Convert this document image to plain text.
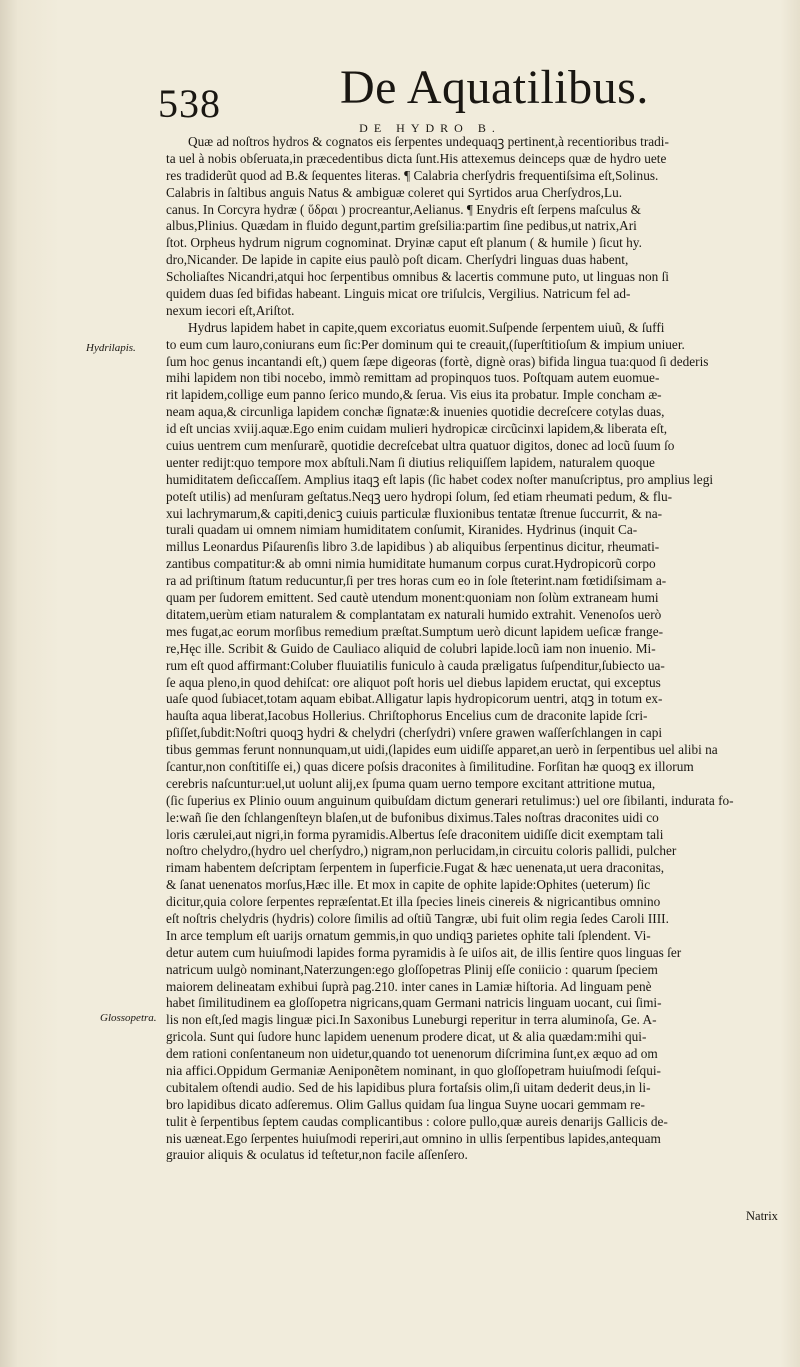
538 De Aquatilibus.
DE HYDRO B.
Hydrilapis.
Glossopetra.
Quæ ad noſtros hydros & cognatos eis ſerpentes undequaqꝫ pertinent,à recentioribus tradi-
ta uel à nobis obſeruata,in præcedentibus dicta ſunt.His attexemus deinceps quæ de hydro uete
res tradiderũt quod ad B.& ſequentes literas. ¶ Calabria cherſydris frequentiſsima eſt,Solinus.
Calabris in ſaltibus anguis Natus & ambiguæ coleret qui Syrtidos arua Cherſydros,Lu.
canus. In Corcyra hydræ ( ὕδραι ) procreantur,Aelianus. ¶ Enydris eſt ſerpens maſculus &
albus,Plinius. Quædam in fluido degunt,partim greſsilia:partim ſine pedibus,ut natrix,Ari
ſtot. Orpheus hydrum nigrum cognominat. Dryinæ caput eſt planum ( & humile ) ſicut hy.
dro,Nicander. De lapide in capite eius paulò poſt dicam. Cherſydri linguas duas habent,
Scholiaſtes Nicandri,atqui hoc ſerpentibus omnibus & lacertis commune puto, ut linguas non ſi
quidem duas ſed bifidas habeant. Linguis micat ore triſulcis, Vergilius. Natricum fel ad-
nexum iecori eſt,Ariſtot.
Hydrus lapidem habet in capite,quem excoriatus euomit.Suſpende ſerpentem uiuũ, & ſuffi
to eum cum lauro,coniurans eum ſic:Per dominum qui te creauit,(ſuperſtitioſum & impium uniuer.
ſum hoc genus incantandi eſt,) quem ſæpe digeoras (fortè, dignè oras) bifida lingua tua:quod ſi dederis
mihi lapidem non tibi nocebo, immò remittam ad propinquos tuos. Poſtquam autem euomue-
rit lapidem,collige eum panno ſerico mundo,& ſerua. Vis eius ita probatur. Imple concham æ-
neam aqua,& circunliga lapidem conchæ ſignatæ:& inuenies quotidie decreſcere cotylas duas,
id eſt uncias xviij.aquæ.Ego enim cuidam mulieri hydropicæ circũcinxi lapidem,& liberata eſt,
cuius uentrem cum menſurarẽ, quotidie decreſcebat ultra quatuor digitos, donec ad locũ ſuum ſo
uenter redijt:quo tempore mox abſtuli.Nam ſi diutius reliquiſſem lapidem, naturalem quoque
humiditatem deſiccaſſem. Amplius itaqꝫ eſt lapis (ſic habet codex noſter manuſcriptus, pro amplius legi
poteſt utilis) ad menſuram geſtatus.Neqꝫ uero hydropi ſolum, ſed etiam rheumati pedum, & flu-
xui lachrymarum,& capiti,denicꝫ cuiuis particulæ fluxionibus tentatæ ſtrenue ſuccurrit, & na-
turali quadam ui omnem nimiam humiditatem conſumit, Kiranides. Hydrinus (inquit Ca-
millus Leonardus Piſaurenſis libro 3.de lapidibus ) ab aliquibus ſerpentinus dicitur, rheumati-
zantibus compatitur:& ab omni nimia humiditate humanum corpus curat.Hydropicorũ corpo
ra ad priſtinum ſtatum reducuntur,ſi per tres horas cum eo in ſole ſteterint.nam fœtidiſsimam a-
quam per ſudorem emittent. Sed cautè utendum monent:quoniam non ſolùm extraneam humi
ditatem,uerùm etiam naturalem & complantatam ex naturali humido extrahit. Venenoſos uerò
mes fugat,ac eorum morſibus remedium præſtat.Sumptum uerò dicunt lapidem ueſicæ frange-
re,Hęc ille. Scribit & Guido de Cauliaco aliquid de colubri lapide.locũ iam non inuenio. Mi-
rum eſt quod affirmant:Coluber fluuiatilis funiculo à cauda præligatus ſuſpenditur,ſubiecto ua-
ſe aqua pleno,in quod dehiſcat: ore aliquot poſt horis uel diebus lapidem eructat, qui exceptus
uaſe quod ſubiacet,totam aquam ebibat.Alligatur lapis hydropicorum uentri, atqꝫ in totum ex-
hauſta aqua liberat,Iacobus Hollerius. Chriſtophorus Encelius cum de draconite lapide ſcri-
pſiſſet,ſubdit:Noſtri quoqꝫ hydri & chelydri (cherſydri) vnſere grawen waſſerſchlangen in capi
tibus gemmas ferunt nonnunquam,ut uidi,(lapides eum uidiſſe apparet,an uerò in ſerpentibus uel alibi na
ſcantur,non conſtitiſſe ei,) quas dicere poſsis draconites à ſimilitudine. Forſitan hæ quoqꝫ ex illorum
cerebris naſcuntur:uel,ut uolunt alij,ex ſpuma quam uerno tempore excitant attritione mutua,
(ſic ſuperius ex Plinio ouum anguinum quibuſdam dictum generari retulimus:) uel ore ſibilanti, indurata fo-
le:wañ ſie den ſchlangenſteyn blaſen,ut de bufonibus diximus.Tales noſtras draconites uidi co
loris cærulei,aut nigri,in forma pyramidis.Albertus ſeſe draconitem uidiſſe dicit exemptam tali
noſtro chelydro,(hydro uel cherſydro,) nigram,non perlucidam,in circuitu coloris pallidi, pulcher
rimam habentem deſcriptam ſerpentem in ſuperficie.Fugat & hæc uenenata,ut uera draconitas,
& ſanat uenenatos morſus,Hæc ille. Et mox in capite de ophite lapide:Ophites (ueterum) ſic
dicitur,quia colore ſerpentes repræſentat.Et illa ſpecies lineis cinereis & nigricantibus omnino
eſt noſtris chelydris (hydris) colore ſimilis ad oſtiũ Tangræ, ubi fuit olim regia ſedes Caroli IIII.
In arce templum eſt uarijs ornatum gemmis,in quo undiqꝫ parietes ophite tali ſplendent. Vi-
detur autem cum huiuſmodi lapides forma pyramidis à ſe uiſos ait, de illis ſentire quos linguas ſer
natricum uulgò nominant,Naterzungen:ego gloſſopetras Plinij eſſe coniicio : quarum ſpeciem
maiorem delineatam exhibui ſuprà pag.210. inter canes in Lamiæ hiſtoria. Ad linguam penè
habet ſimilitudinem ea gloſſopetra nigricans,quam Germani natricis linguam uocant, cui ſimi-
lis non eſt,ſed magis linguæ pici.In Saxonibus Luneburgi reperitur in terra aluminoſa, Ge. A-
gricola. Sunt qui ſudore hunc lapidem uenenum prodere dicat, ut & alia quædam:mihi qui-
dem rationi conſentaneum non uidetur,quando tot uenenorum diſcrimina ſunt,ex æquo ad om
nia affici.Oppidum Germaniæ Aeniponẽtem nominant, in quo gloſſopetram huiuſmodi ſeſqui-
cubitalem oſtendi audio. Sed de his lapidibus plura fortaſsis olim,ſi uitam dederit deus,in li-
bro lapidibus dicato adſeremus. Olim Gallus quidam ſua lingua Suyne uocari gemmam re-
tulit è ſerpentibus ſeptem caudas complicantibus : colore pullo,quæ aureis denarijs Gallicis de-
nis uæneat.Ego ſerpentes huiuſmodi reperiri,aut omnino in ullis ſerpentibus lapides,antequam
grauior aliquis & oculatus id teſtetur,non facile aſſenſero.
Natrix
